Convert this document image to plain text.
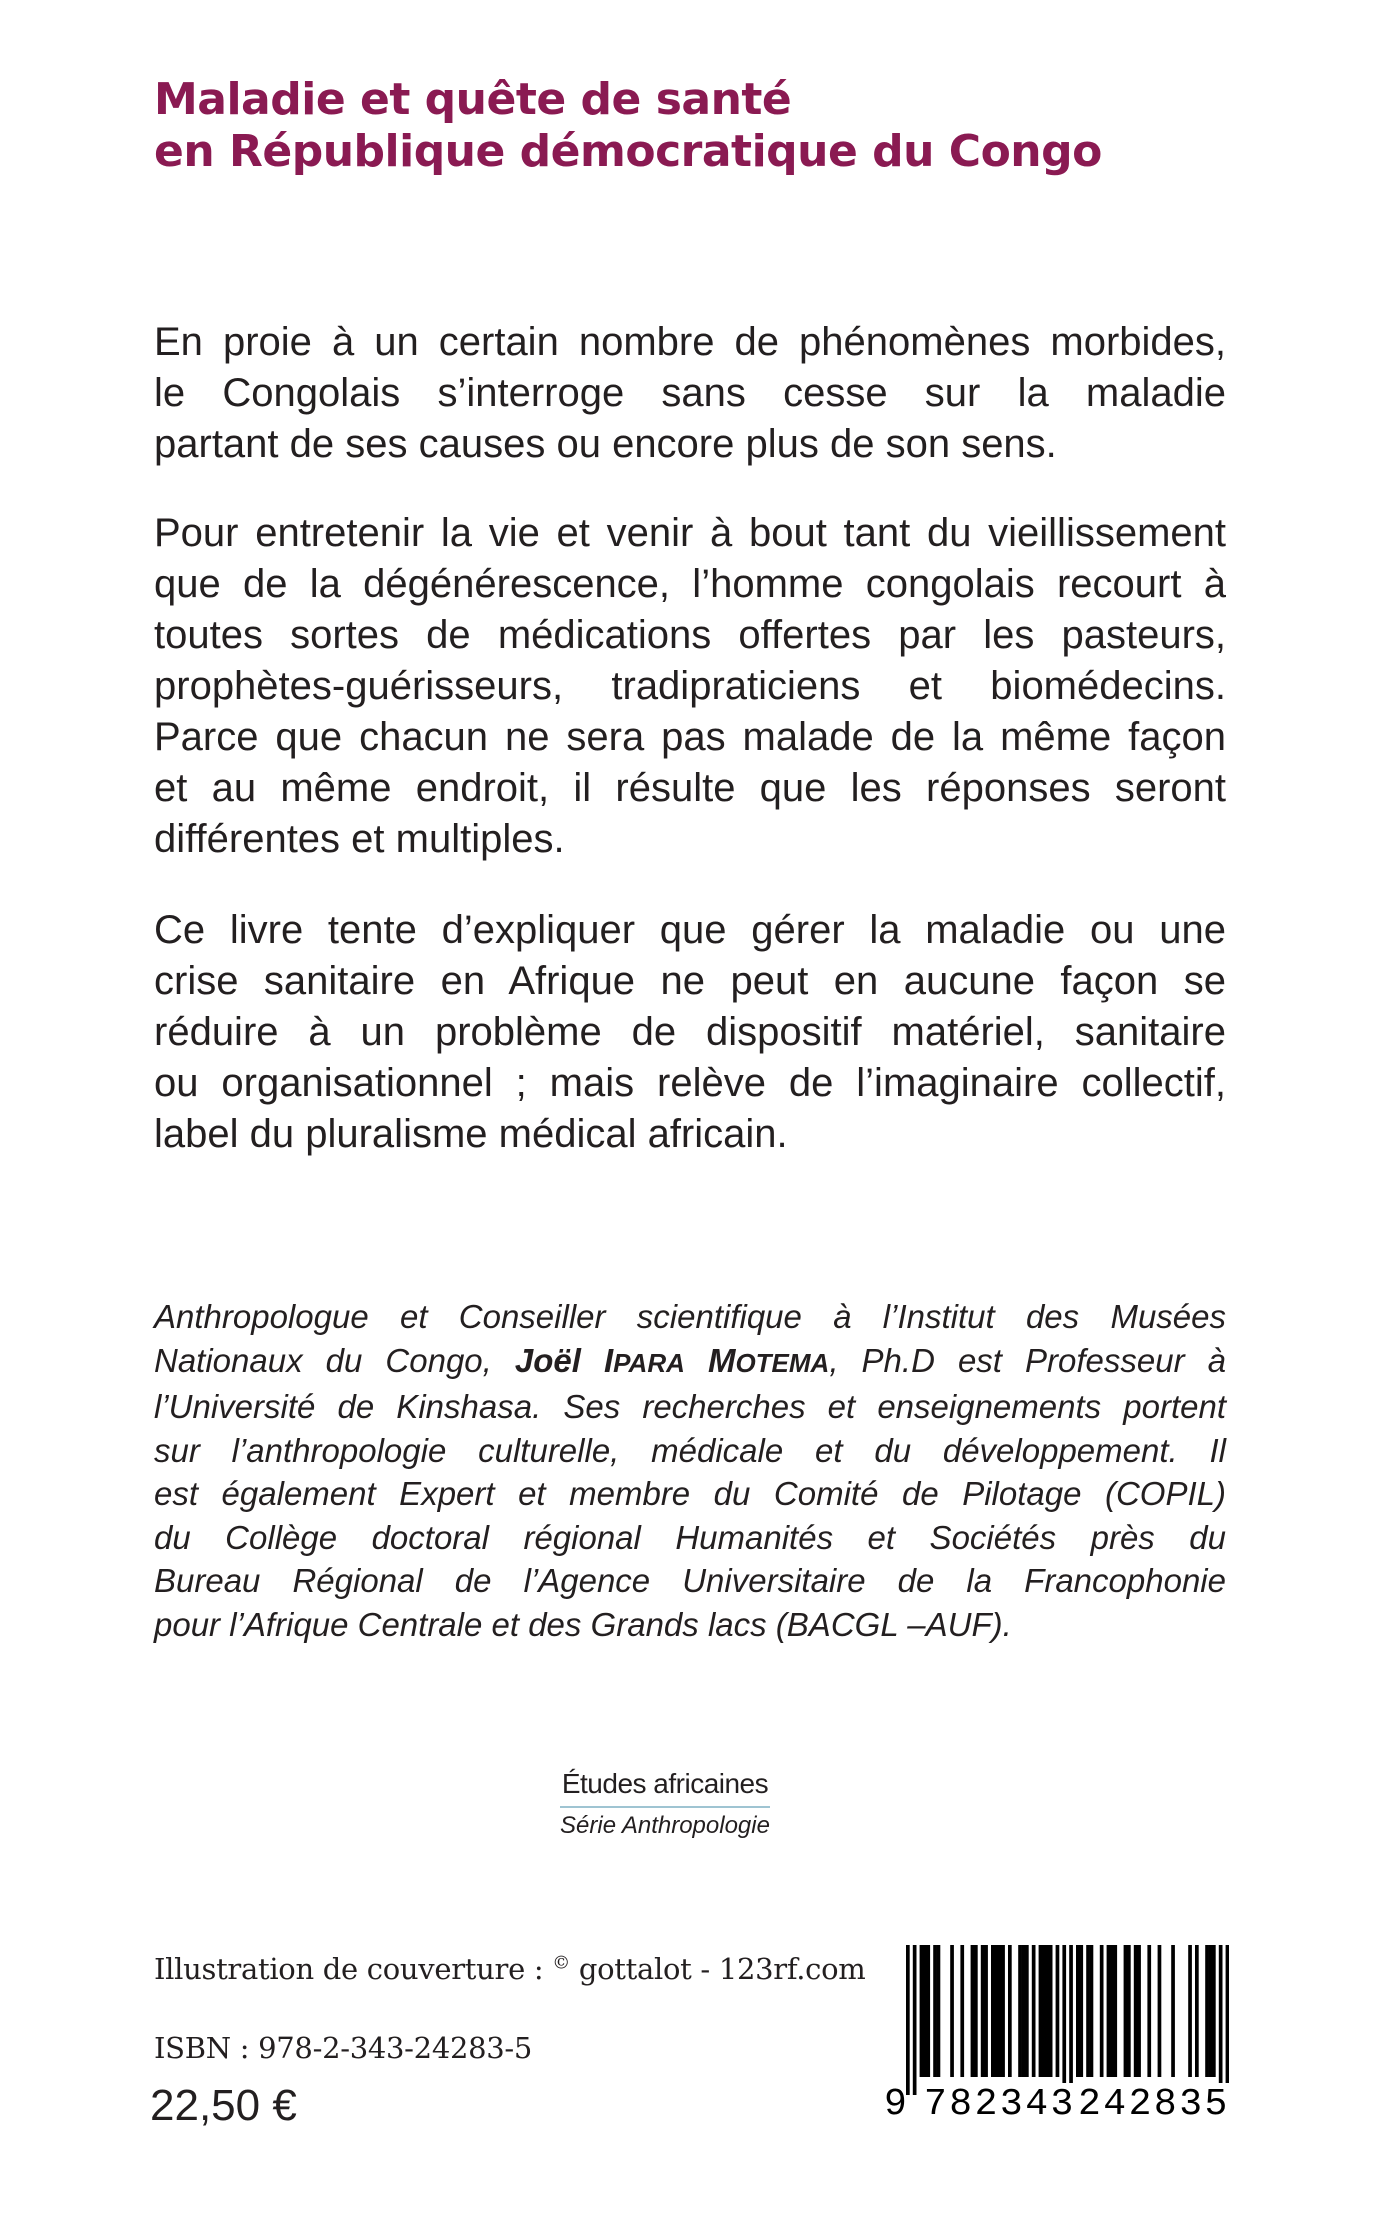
Maladie et quête de santé
en République démocratique du Congo

En proie à un certain nombre de phénomènes morbides,
le Congolais s’interroge sans cesse sur la maladie
partant de ses causes ou encore plus de son sens.

Pour entretenir la vie et venir à bout tant du vieillissement
que de la dégénérescence, l’homme congolais recourt à
toutes sortes de médications offertes par les pasteurs,
prophètes-guérisseurs, tradipraticiens et biomédecins.
Parce que chacun ne sera pas malade de la même façon
et au même endroit, il résulte que les réponses seront
différentes et multiples.

Ce livre tente d’expliquer que gérer la maladie ou une
crise sanitaire en Afrique ne peut en aucune façon se
réduire à un problème de dispositif matériel, sanitaire
ou organisationnel ; mais relève de l’imaginaire collectif,
label du pluralisme médical africain.

Anthropologue et Conseiller scientifique à l’Institut des Musées
Nationaux du Congo, Joël IPARA MOTEMA, Ph.D est Professeur à
l’Université de Kinshasa. Ses recherches et enseignements portent
sur l’anthropologie culturelle, médicale et du développement. Il
est également Expert et membre du Comité de Pilotage (COPIL)
du Collège doctoral régional Humanités et Sociétés près du
Bureau Régional de l’Agence Universitaire de la Francophonie
pour l’Afrique Centrale et des Grands lacs (BACGL –AUF).

Études africaines
Série Anthropologie
Illustration de couverture : © gottalot - 123rf.com
ISBN : 978-2-343-24283-5
22,50 €	9 782343 242835
